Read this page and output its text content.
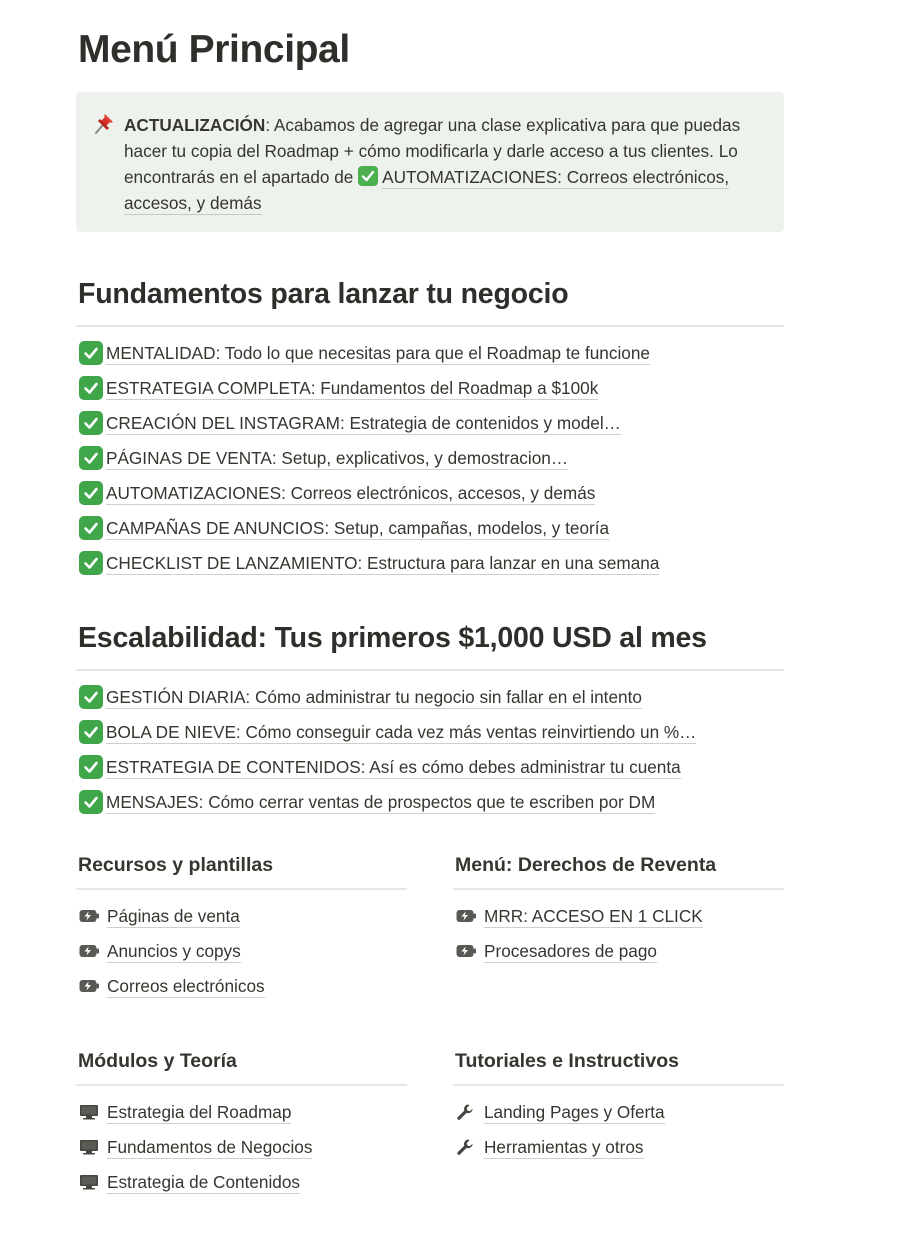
Menú Principal
ACTUALIZACIÓN: Acabamos de agregar una clase explicativa para que puedas hacer tu copia del Roadmap + cómo modificarla y darle acceso a tus clientes. Lo encontrarás en el apartado de
AUTOMATIZACIONES: Correos electrónicos, accesos, y demás
Fundamentos para lanzar tu negocio
MENTALIDAD: Todo lo que necesitas para que el Roadmap te funcione
ESTRATEGIA COMPLETA: Fundamentos del Roadmap a $100k
CREACIÓN DEL INSTAGRAM: Estrategia de contenidos y model…
PÁGINAS DE VENTA: Setup, explicativos, y demostracion…
AUTOMATIZACIONES: Correos electrónicos, accesos, y demás
CAMPAÑAS DE ANUNCIOS: Setup, campañas, modelos, y teoría
CHECKLIST DE LANZAMIENTO: Estructura para lanzar en una semana
Escalabilidad: Tus primeros $1,000 USD al mes
GESTIÓN DIARIA: Cómo administrar tu negocio sin fallar en el intento
BOLA DE NIEVE: Cómo conseguir cada vez más ventas reinvirtiendo un %…
ESTRATEGIA DE CONTENIDOS: Así es cómo debes administrar tu cuenta
MENSAJES: Cómo cerrar ventas de prospectos que te escriben por DM
Recursos y plantillas
Páginas de venta
Anuncios y copys
Correos electrónicos
Menú: Derechos de Reventa
MRR: ACCESO EN 1 CLICK
Procesadores de pago
Módulos y Teoría
Estrategia del Roadmap
Fundamentos de Negocios
Estrategia de Contenidos
Tutoriales e Instructivos
Landing Pages y Oferta
Herramientas y otros
